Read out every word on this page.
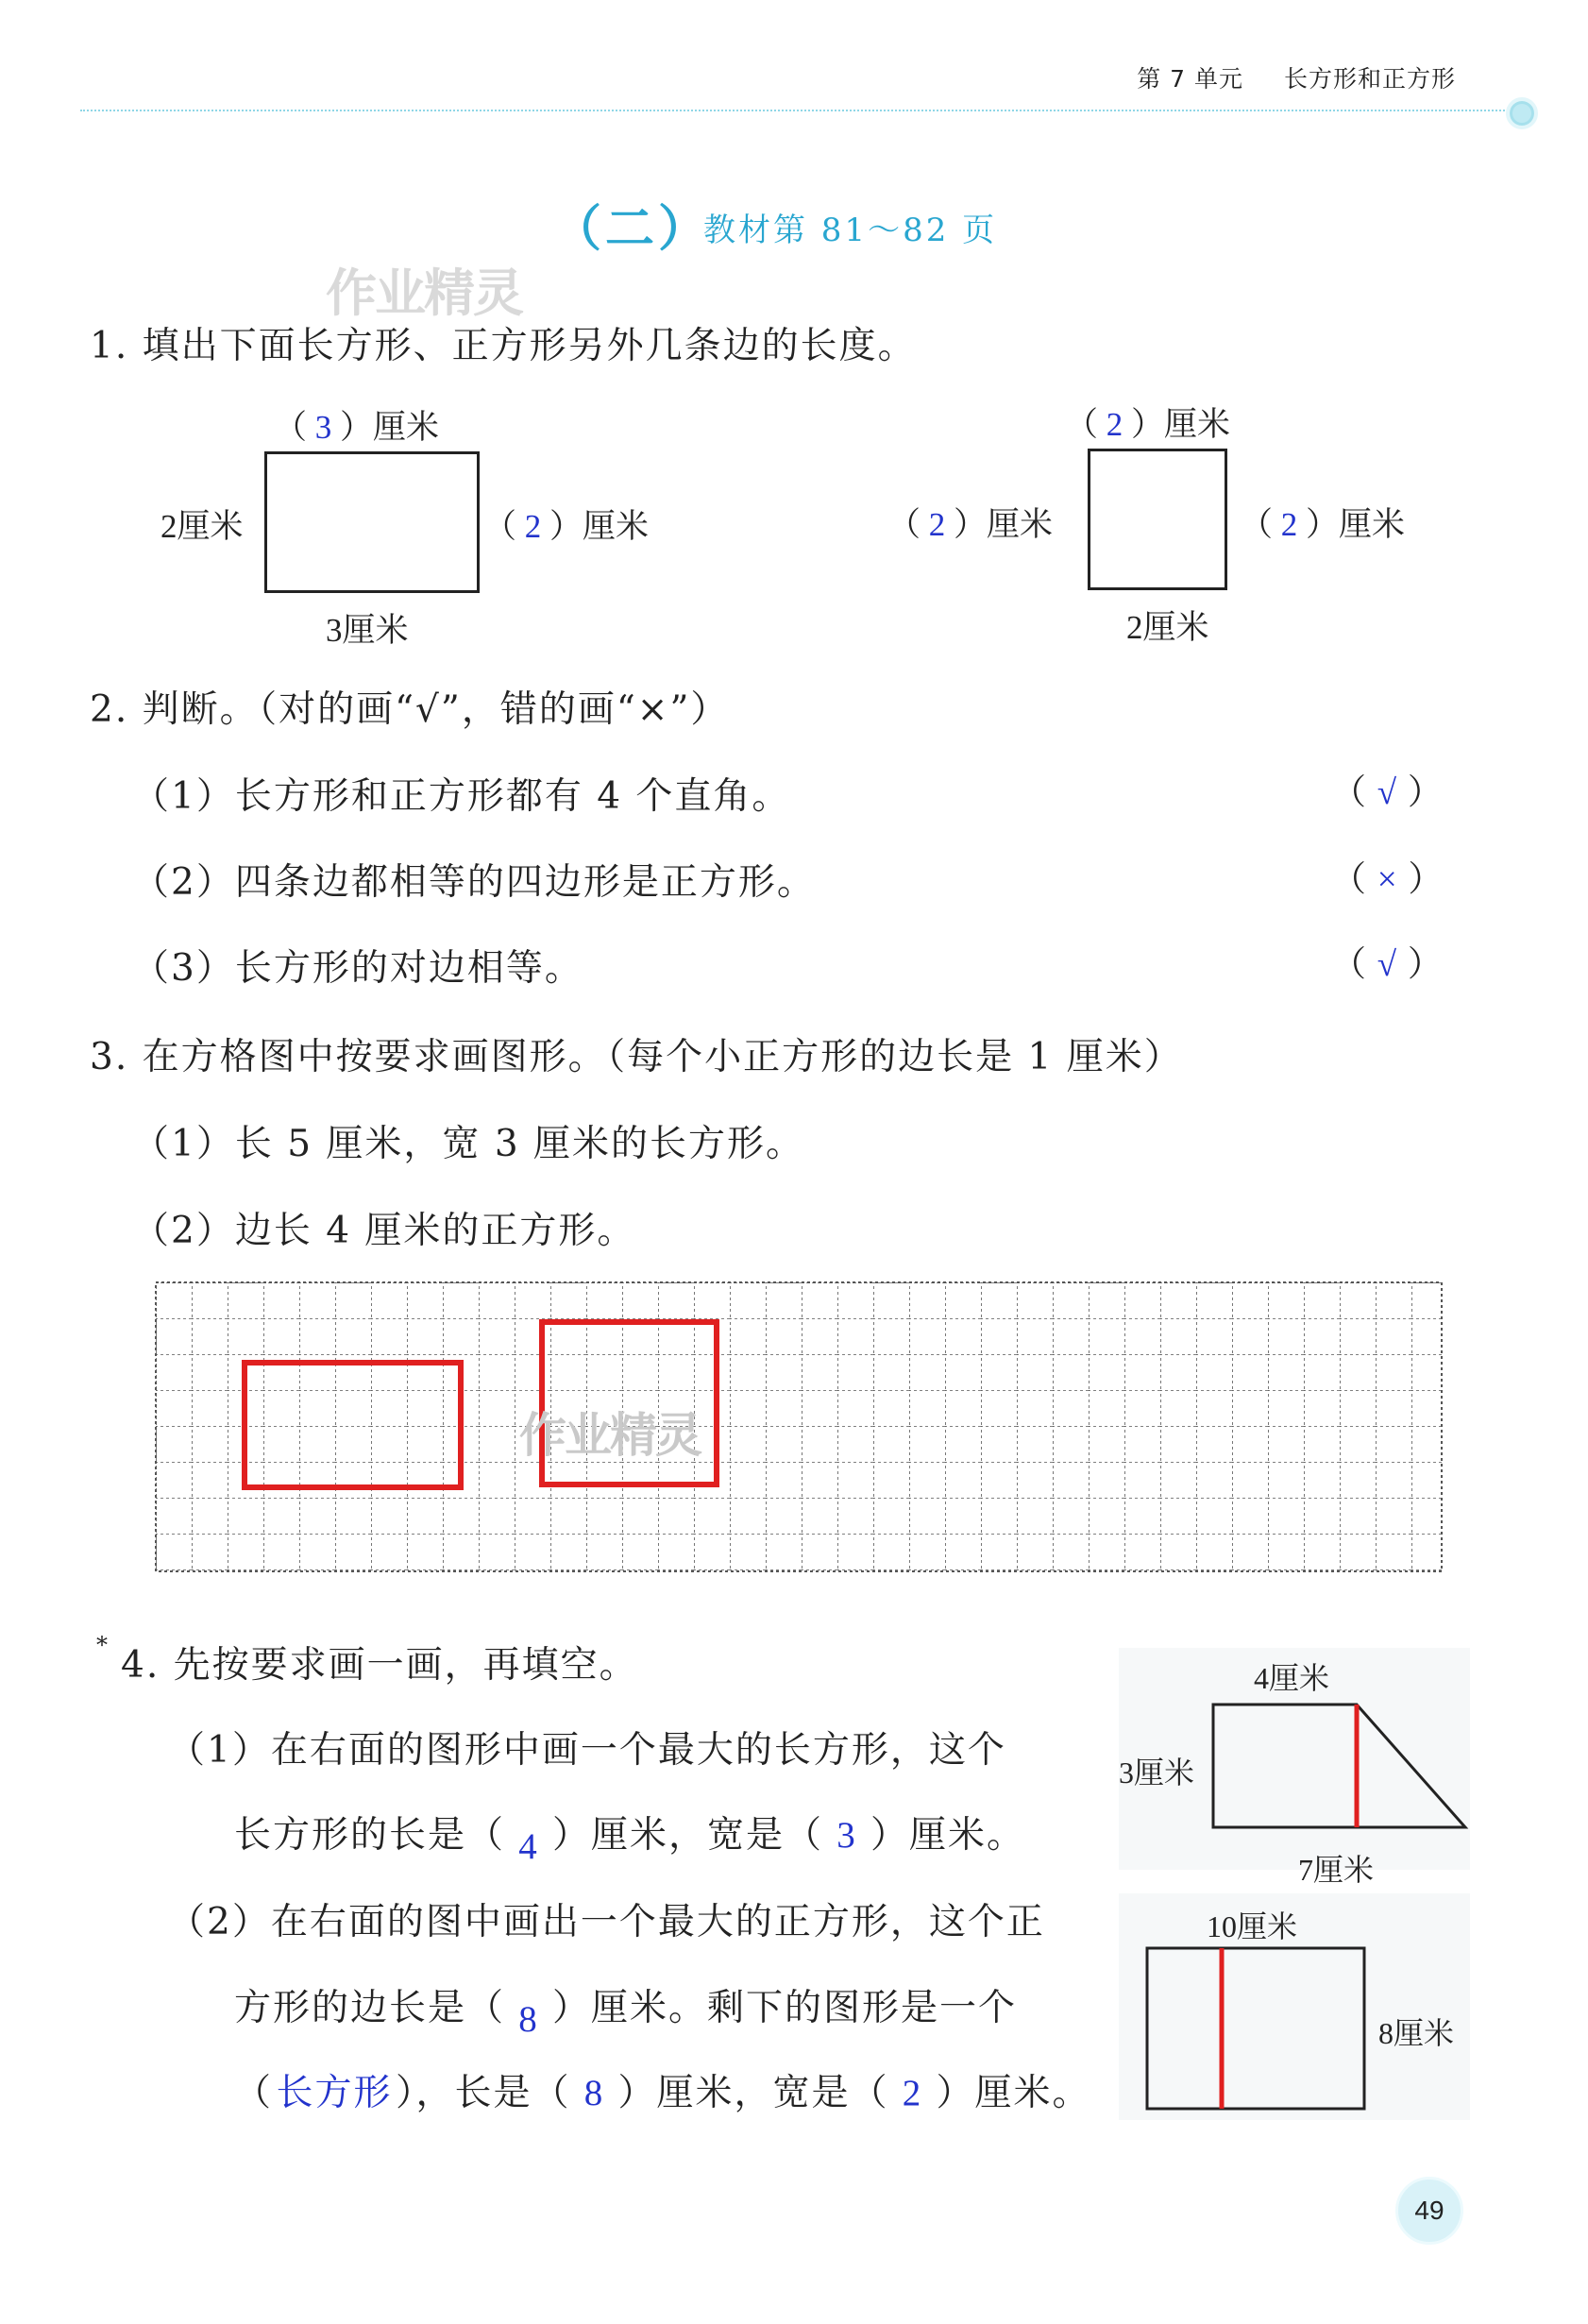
第 7 单元 长方形和正方形
（二）
教材第 81～82 页
作业精灵
1. 填出下面长方形、正方形另外几条边的长度。
（ 3 ）厘米
2厘米	（ 2 ）厘米
3厘米
（ 2 ）厘米
（ 2 ）厘米	（ 2 ）厘米
2厘米
2. 判断。（对的画“√”，错的画“×”）
（1）长方形和正方形都有 4 个直角。	（ √ ）
（2）四条边都相等的四边形是正方形。	（ × ）
（3）长方形的对边相等。	（ √ ）
3. 在方格图中按要求画图形。（每个小正方形的边长是 1 厘米）
（1）长 5 厘米，宽 3 厘米的长方形。
（2）边长 4 厘米的正方形。
作业精灵
* 4. 先按要求画一画，再填空。
（1）在右面的图形中画一个最大的长方形，这个
长方形的长是（ 4 ）厘米，宽是（ 3 ）厘米。
（2）在右面的图中画出一个最大的正方形，这个正
方形的边长是（ 8 ）厘米。剩下的图形是一个
（长方形），长是（ 8 ）厘米，宽是（ 2 ）厘米。
4厘米
3厘米
7厘米
10厘米
8厘米
49
